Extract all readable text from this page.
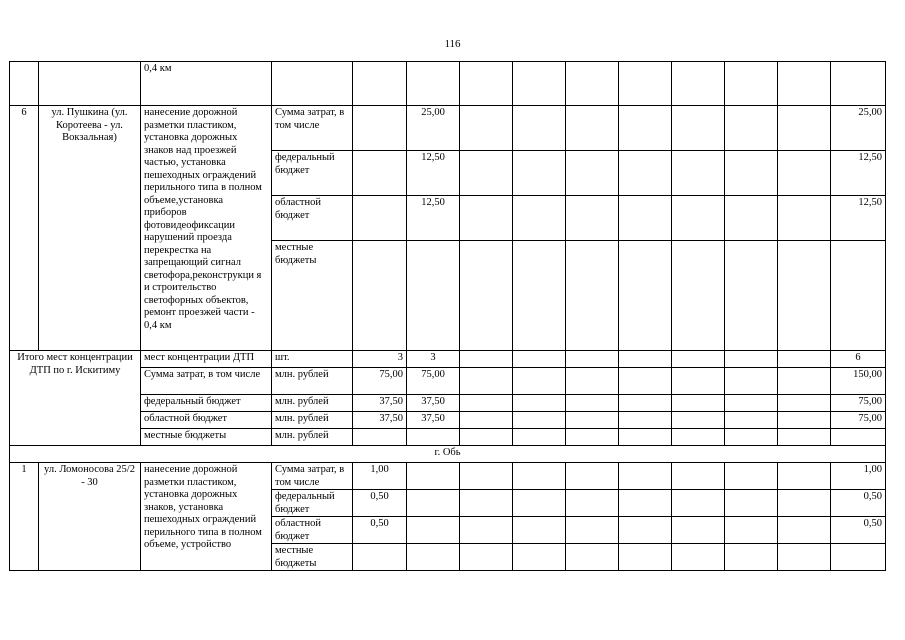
116
		0,4 км											
6	ул. Пушкина (ул. Коротеева - ул. Вокзальная)	нанесение дорожной разметки пластиком, установка дорожных знаков над проезжей частью, установка пешеходных ограждений перильного типа в полном объеме,установка приборов фотовидеофиксации нарушений проезда перекрестка на запрещающий сигнал светофора,реконструкци я и строительство светофорных объектов, ремонт проезжей части - 0,4 км	Сумма затрат, в том числе		25,00								25,00
			федеральный бюджет		12,50								12,50
			областной бюджет		12,50								12,50
			местные бюджеты										
Итого мест концентрации ДТП по г. Искитиму		мест концентрации ДТП	шт.	3	3								6
		Сумма затрат, в том числе	млн. рублей	75,00	75,00								150,00
		федеральный бюджет	млн. рублей	37,50	37,50								75,00
		областной бюджет	млн. рублей	37,50	37,50								75,00
		местные бюджеты	млн. рублей										
г. Обь													
1	ул. Ломоносова 25/2 - 30	нанесение дорожной разметки пластиком, установка дорожных знаков, установка пешеходных ограждений перильного типа в полном объеме, устройство	Сумма затрат, в том числе	1,00									1,00
			федеральный бюджет	0,50									0,50
			областной бюджет	0,50									0,50
			местные бюджеты										
